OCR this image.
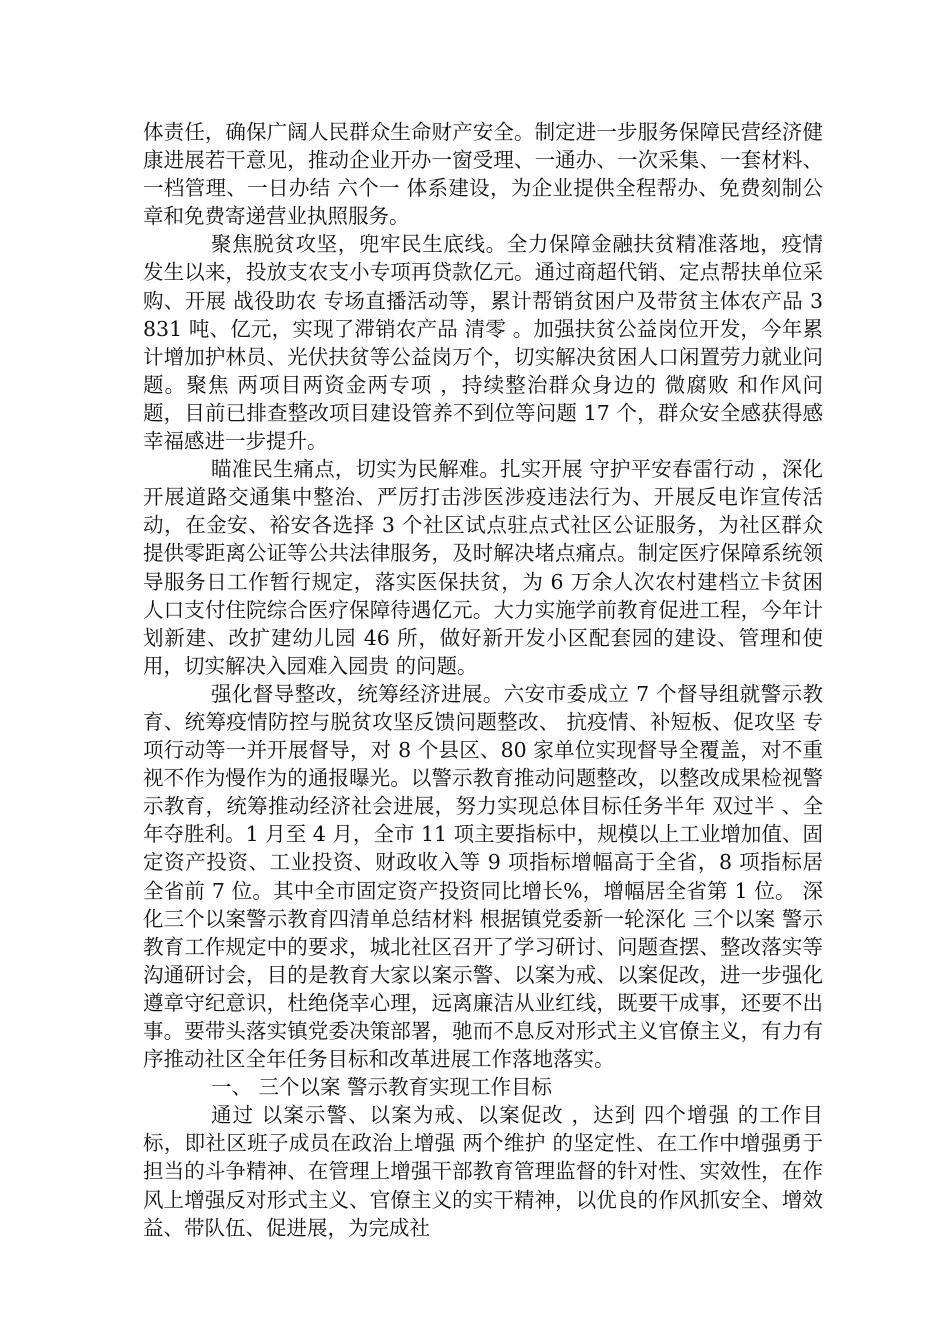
体责任，确保广阔人民群众生命财产安全。制定进一步服务保障民营经济健康进展若干意见，推动企业开办一窗受理、一通办、一次采集、一套材料、一档管理、一日办结 六个一 体系建设，为企业提供全程帮办、免费刻制公章和免费寄递营业执照服务。

聚焦脱贫攻坚，兜牢民生底线。全力保障金融扶贫精准落地，疫情发生以来，投放支农支小专项再贷款亿元。通过商超代销、定点帮扶单位采购、开展 战役助农 专场直播活动等，累计帮销贫困户及带贫主体农产品 3831 吨、亿元，实现了滞销农产品 清零 。加强扶贫公益岗位开发，今年累计增加护林员、光伏扶贫等公益岗万个，切实解决贫困人口闲置劳力就业问题。聚焦 两项目两资金两专项 ，持续整治群众身边的 微腐败 和作风问题，目前已排查整改项目建设管养不到位等问题 17 个，群众安全感获得感幸福感进一步提升。

瞄准民生痛点，切实为民解难。扎实开展 守护平安春雷行动 ，深化开展道路交通集中整治、严厉打击涉医涉疫违法行为、开展反电诈宣传活动，在金安、裕安各选择 3 个社区试点驻点式社区公证服务，为社区群众提供零距离公证等公共法律服务，及时解决堵点痛点。制定医疗保障系统领导服务日工作暂行规定，落实医保扶贫，为 6 万余人次农村建档立卡贫困人口支付住院综合医疗保障待遇亿元。大力实施学前教育促进工程，今年计划新建、改扩建幼儿园 46 所，做好新开发小区配套园的建设、管理和使用，切实解决入园难入园贵 的问题。

强化督导整改，统筹经济进展。六安市委成立 7 个督导组就警示教育、统筹疫情防控与脱贫攻坚反馈问题整改、 抗疫情、补短板、促攻坚 专项行动等一并开展督导，对 8 个县区、80 家单位实现督导全覆盖，对不重视不作为慢作为的通报曝光。以警示教育推动问题整改，以整改成果检视警示教育，统筹推动经济社会进展，努力实现总体目标任务半年 双过半 、全年夺胜利。1 月至 4 月，全市 11 项主要指标中，规模以上工业增加值、固定资产投资、工业投资、财政收入等 9 项指标增幅高于全省，8 项指标居全省前 7 位。其中全市固定资产投资同比增长%，增幅居全省第 1 位。 深化三个以案警示教育四清单总结材料 根据镇党委新一轮深化 三个以案 警示教育工作规定中的要求，城北社区召开了学习研讨、问题查摆、整改落实等沟通研讨会，目的是教育大家以案示警、以案为戒、以案促改，进一步强化遵章守纪意识，杜绝侥幸心理，远离廉洁从业红线，既要干成事，还要不出事。要带头落实镇党委决策部署，驰而不息反对形式主义官僚主义，有力有序推动社区全年任务目标和改革进展工作落地落实。

一、 三个以案 警示教育实现工作目标

通过 以案示警、以案为戒、以案促改 ，达到 四个增强 的工作目标，即社区班子成员在政治上增强 两个维护 的坚定性、在工作中增强勇于担当的斗争精神、在管理上增强干部教育管理监督的针对性、实效性，在作风上增强反对形式主义、官僚主义的实干精神，以优良的作风抓安全、增效益、带队伍、促进展，为完成社
